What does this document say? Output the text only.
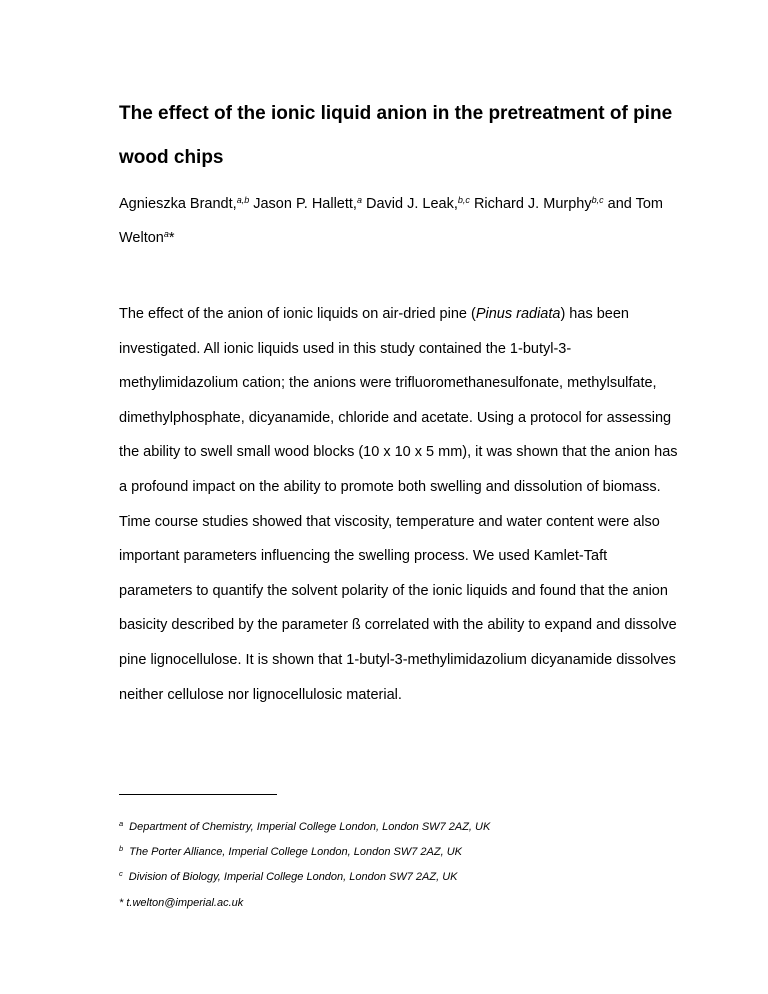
The effect of the ionic liquid anion in the pretreatment of pine wood chips

Agnieszka Brandt,$^{a,b}$ Jason P. Hallett,$^a$ David J. Leak,$^{b,c}$ Richard J. Murphy$^{b,c}$ and Tom Welton$^a$*

The effect of the anion of ionic liquids on air-dried pine (Pinus radiata) has been investigated. All ionic liquids used in this study contained the 1-butyl-3-methylimidazolium cation; the anions were trifluoromethanesulfonate, methylsulfate, dimethylphosphate, dicyanamide, chloride and acetate. Using a protocol for assessing the ability to swell small wood blocks (10 x 10 x 5 mm), it was shown that the anion has a profound impact on the ability to promote both swelling and dissolution of biomass. Time course studies showed that viscosity, temperature and water content were also important parameters influencing the swelling process. We used Kamlet-Taft parameters to quantify the solvent polarity of the ionic liquids and found that the anion basicity described by the parameter ß correlated with the ability to expand and dissolve pine lignocellulose. It is shown that 1-butyl-3-methylimidazolium dicyanamide dissolves neither cellulose nor lignocellulosic material.

$^a$ Department of Chemistry, Imperial College London, London SW7 2AZ, UK

$^b$ The Porter Alliance, Imperial College London, London SW7 2AZ, UK

$^c$ Division of Biology, Imperial College London, London SW7 2AZ, UK

* t.welton@imperial.ac.uk
